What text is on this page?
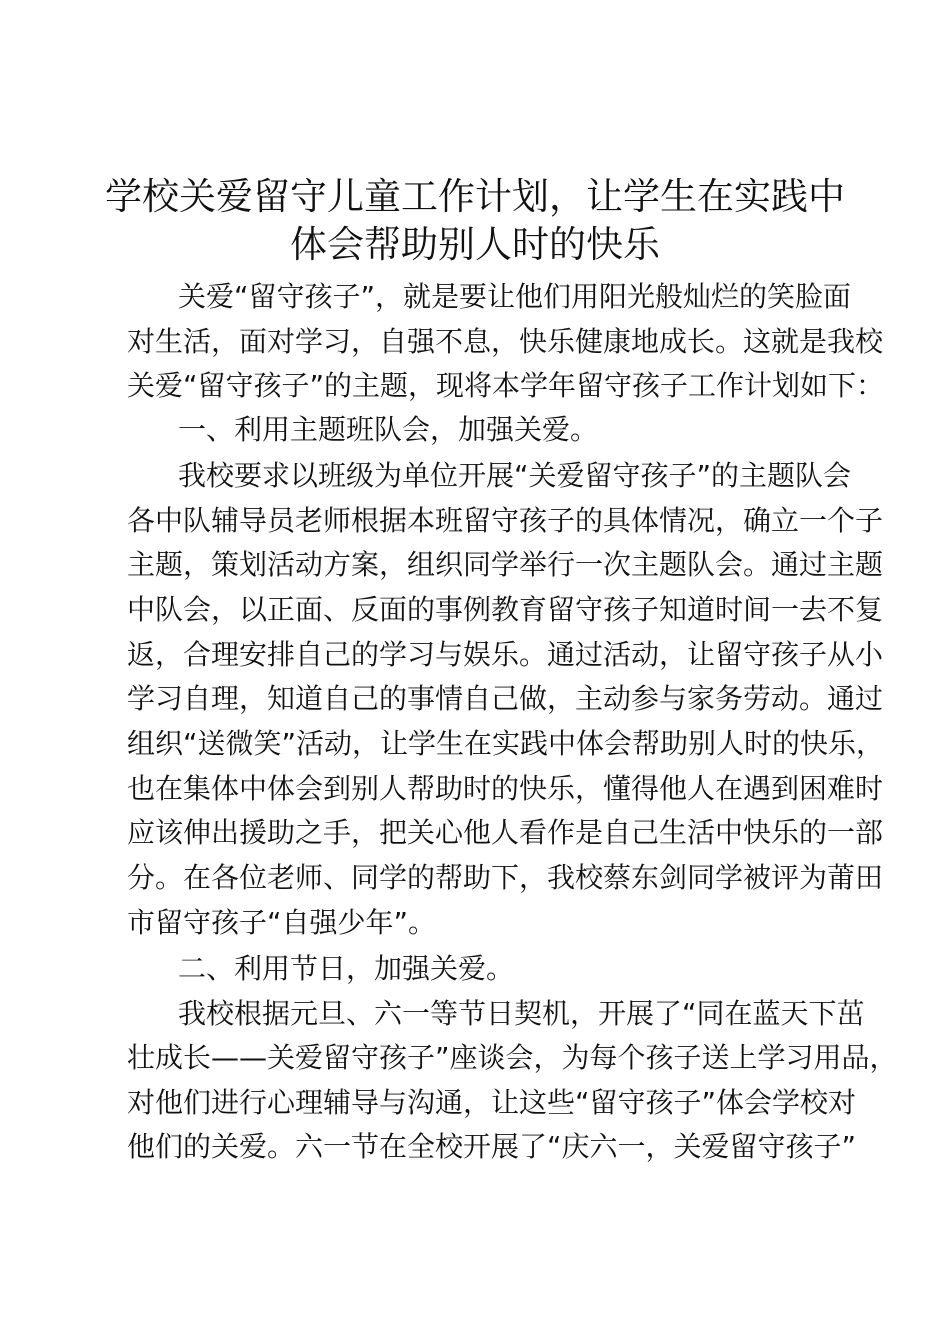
学校关爱留守儿童工作计划，让学生在实践中
体会帮助别人时的快乐
关爱“留守孩子”，就是要让他们用阳光般灿烂的笑脸面
对生活，面对学习，自强不息，快乐健康地成长。这就是我校
关爱“留守孩子”的主题，现将本学年留守孩子工作计划如下：
一、利用主题班队会，加强关爱。
我校要求以班级为单位开展“关爱留守孩子”的主题队会
各中队辅导员老师根据本班留守孩子的具体情况，确立一个子
主题，策划活动方案，组织同学举行一次主题队会。通过主题
中队会，以正面、反面的事例教育留守孩子知道时间一去不复
返，合理安排自己的学习与娱乐。通过活动，让留守孩子从小
学习自理，知道自己的事情自己做，主动参与家务劳动。通过
组织“送微笑”活动，让学生在实践中体会帮助别人时的快乐，
也在集体中体会到别人帮助时的快乐，懂得他人在遇到困难时
应该伸出援助之手，把关心他人看作是自己生活中快乐的一部
分。在各位老师、同学的帮助下，我校蔡东剑同学被评为莆田
市留守孩子“自强少年”。
二、利用节日，加强关爱。
我校根据元旦、六一等节日契机，开展了“同在蓝天下茁
壮成长——关爱留守孩子”座谈会，为每个孩子送上学习用品，
对他们进行心理辅导与沟通，让这些“留守孩子”体会学校对
他们的关爱。六一节在全校开展了“庆六一，关爱留守孩子”
